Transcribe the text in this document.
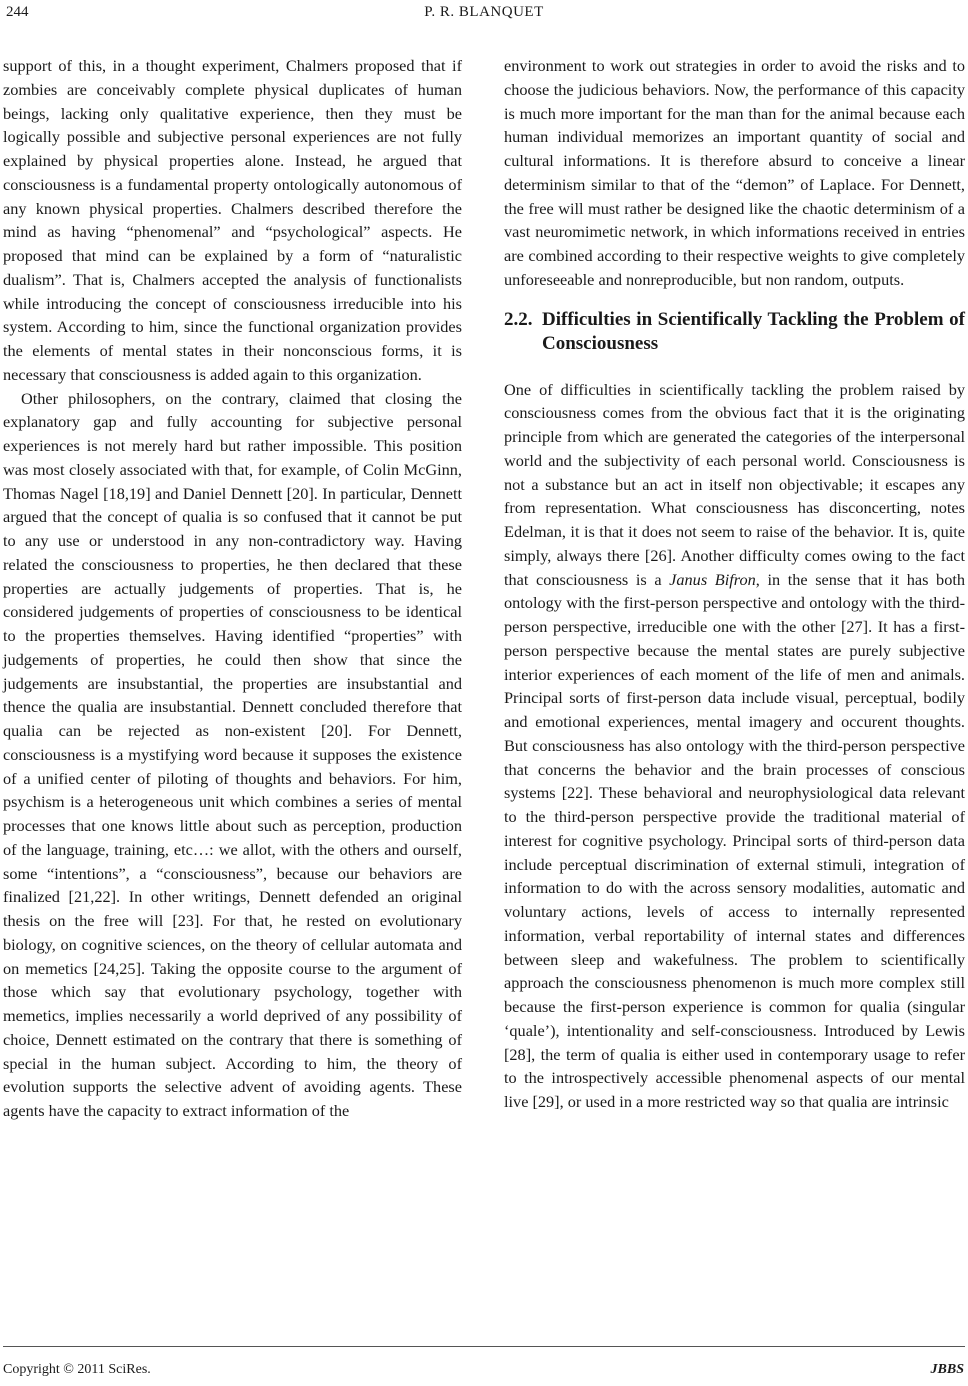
244	P. R. BLANQUET

support of this, in a thought experiment, Chalmers proposed that if zombies are conceivably complete physical duplicates of human beings, lacking only qualitative experience, then they must be logically possible and subjective personal experiences are not fully explained by physical properties alone. Instead, he argued that consciousness is a fundamental property ontologically autonomous of any known physical properties. Chalmers described therefore the mind as having “phenomenal” and “psychological” aspects. He proposed that mind can be explained by a form of “naturalistic dualism”. That is, Chalmers accepted the analysis of functionalists while introducing the concept of consciousness irreducible into his system. According to him, since the functional organization provides the elements of mental states in their nonconscious forms, it is necessary that consciousness is added again to this organization.

Other philosophers, on the contrary, claimed that closing the explanatory gap and fully accounting for subjective personal experiences is not merely hard but rather impossible. This position was most closely associated with that, for example, of Colin McGinn, Thomas Nagel [18,19] and Daniel Dennett [20]. In particular, Dennett argued that the concept of qualia is so confused that it cannot be put to any use or understood in any non-contradictory way. Having related the consciousness to properties, he then declared that these properties are actually judgements of properties. That is, he considered judgements of properties of consciousness to be identical to the properties themselves. Having identified “properties” with judgements of properties, he could then show that since the judgements are insubstantial, the properties are insubstantial and thence the qualia are insubstantial. Dennett concluded therefore that qualia can be rejected as non-existent [20]. For Dennett, consciousness is a mystifying word because it supposes the existence of a unified center of piloting of thoughts and behaviors. For him, psychism is a heterogeneous unit which combines a series of mental processes that one knows little about such as perception, production of the language, training, etc…: we allot, with the others and ourself, some “intentions”, a “consciousness”, because our behaviors are finalized [21,22]. In other writings, Dennett defended an original thesis on the free will [23]. For that, he rested on evolutionary biology, on cognitive sciences, on the theory of cellular automata and on memetics [24,25]. Taking the opposite course to the argument of those which say that evolutionary psychology, together with memetics, implies necessarily a world deprived of any possibility of choice, Dennett estimated on the contrary that there is something of special in the human subject. According to him, the theory of evolution supports the selective advent of avoiding agents. These agents have the capacity to extract information of the

environment to work out strategies in order to avoid the risks and to choose the judicious behaviors. Now, the performance of this capacity is much more important for the man than for the animal because each human individual memorizes an important quantity of social and cultural informations. It is therefore absurd to conceive a linear determinism similar to that of the “demon” of Laplace. For Dennett, the free will must rather be designed like the chaotic determinism of a vast neuromimetic network, in which informations received in entries are combined according to their respective weights to give completely unforeseeable and nonreproducible, but non random, outputs.

2.2. Difficulties in Scientifically Tackling the Problem of Consciousness

One of difficulties in scientifically tackling the problem raised by consciousness comes from the obvious fact that it is the originating principle from which are generated the categories of the interpersonal world and the subjectivity of each personal world. Consciousness is not a substance but an act in itself non objectivable; it escapes any from representation. What consciousness has disconcerting, notes Edelman, it is that it does not seem to raise of the behavior. It is, quite simply, always there [26]. Another difficulty comes owing to the fact that consciousness is a Janus Bifron, in the sense that it has both ontology with the first-person perspective and ontology with the third-person perspective, irreducible one with the other [27]. It has a first-person perspective because the mental states are purely subjective interior experiences of each moment of the life of men and animals. Principal sorts of first-person data include visual, perceptual, bodily and emotional experiences, mental imagery and occurent thoughts. But consciousness has also ontology with the third-person perspective that concerns the behavior and the brain processes of conscious systems [22]. These behavioral and neurophysiological data relevant to the third-person perspective provide the traditional material of interest for cognitive psychology. Principal sorts of third-person data include perceptual discrimination of external stimuli, integration of information to do with the across sensory modalities, automatic and voluntary actions, levels of access to internally represented information, verbal reportability of internal states and differences between sleep and wakefulness. The problem to scientifically approach the consciousness phenomenon is much more complex still because the first-person experience is common for qualia (singular ‘quale’), intentionality and self-consciousness. Introduced by Lewis [28], the term of qualia is either used in contemporary usage to refer to the introspectively accessible phenomenal aspects of our mental live [29], or used in a more restricted way so that qualia are intrinsic

Copyright © 2011 SciRes.	JBBS
